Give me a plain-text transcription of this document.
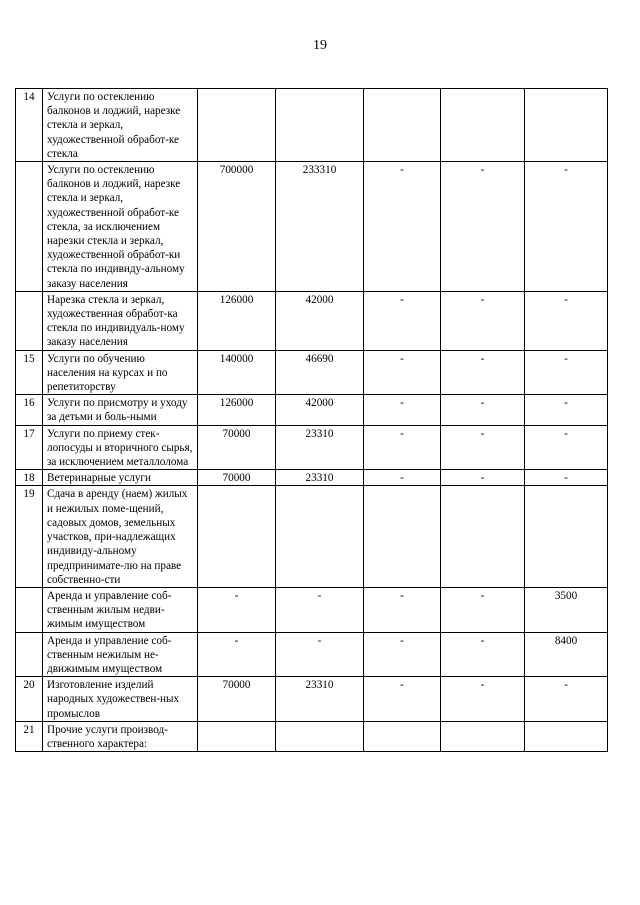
19
14	Услуги по остеклению балконов и лоджий, нарезке стекла и зеркал, художественной обработ-ке стекла					
	Услуги по остеклению балконов и лоджий, нарезке стекла и зеркал, художественной обработ-ке стекла, за исключением нарезки стекла и зеркал, художественной обработ-ки стекла по индивиду-альному заказу населения	700000	233310	-	-	-
	Нарезка стекла и зеркал, художественная обработ-ка стекла по индивидуаль-ному заказу населения	126000	42000	-	-	-
15	Услуги по обучению населения на курсах и по репетиторству	140000	46690	-	-	-
16	Услуги по присмотру и уходу за детьми и боль-ными	126000	42000	-	-	-
17	Услуги по приему стек-лопосуды и вторичного сырья, за исключением металлолома	70000	23310	-	-	-
18	Ветеринарные услуги	70000	23310	-	-	-
19	Сдача в аренду (наем) жилых и нежилых поме-щений, садовых домов, земельных участков, при-надлежащих индивиду-альному предпринимате-лю на праве собственно-сти					
	Аренда и управление соб-ственным жилым недви-жимым имуществом	-	-	-	-	3500
	Аренда и управление соб-ственным нежилым не-движимым имуществом	-	-	-	-	8400
20	Изготовление изделий народных художествен-ных промыслов	70000	23310	-	-	-
21	Прочие услуги производ-ственного характера:					
